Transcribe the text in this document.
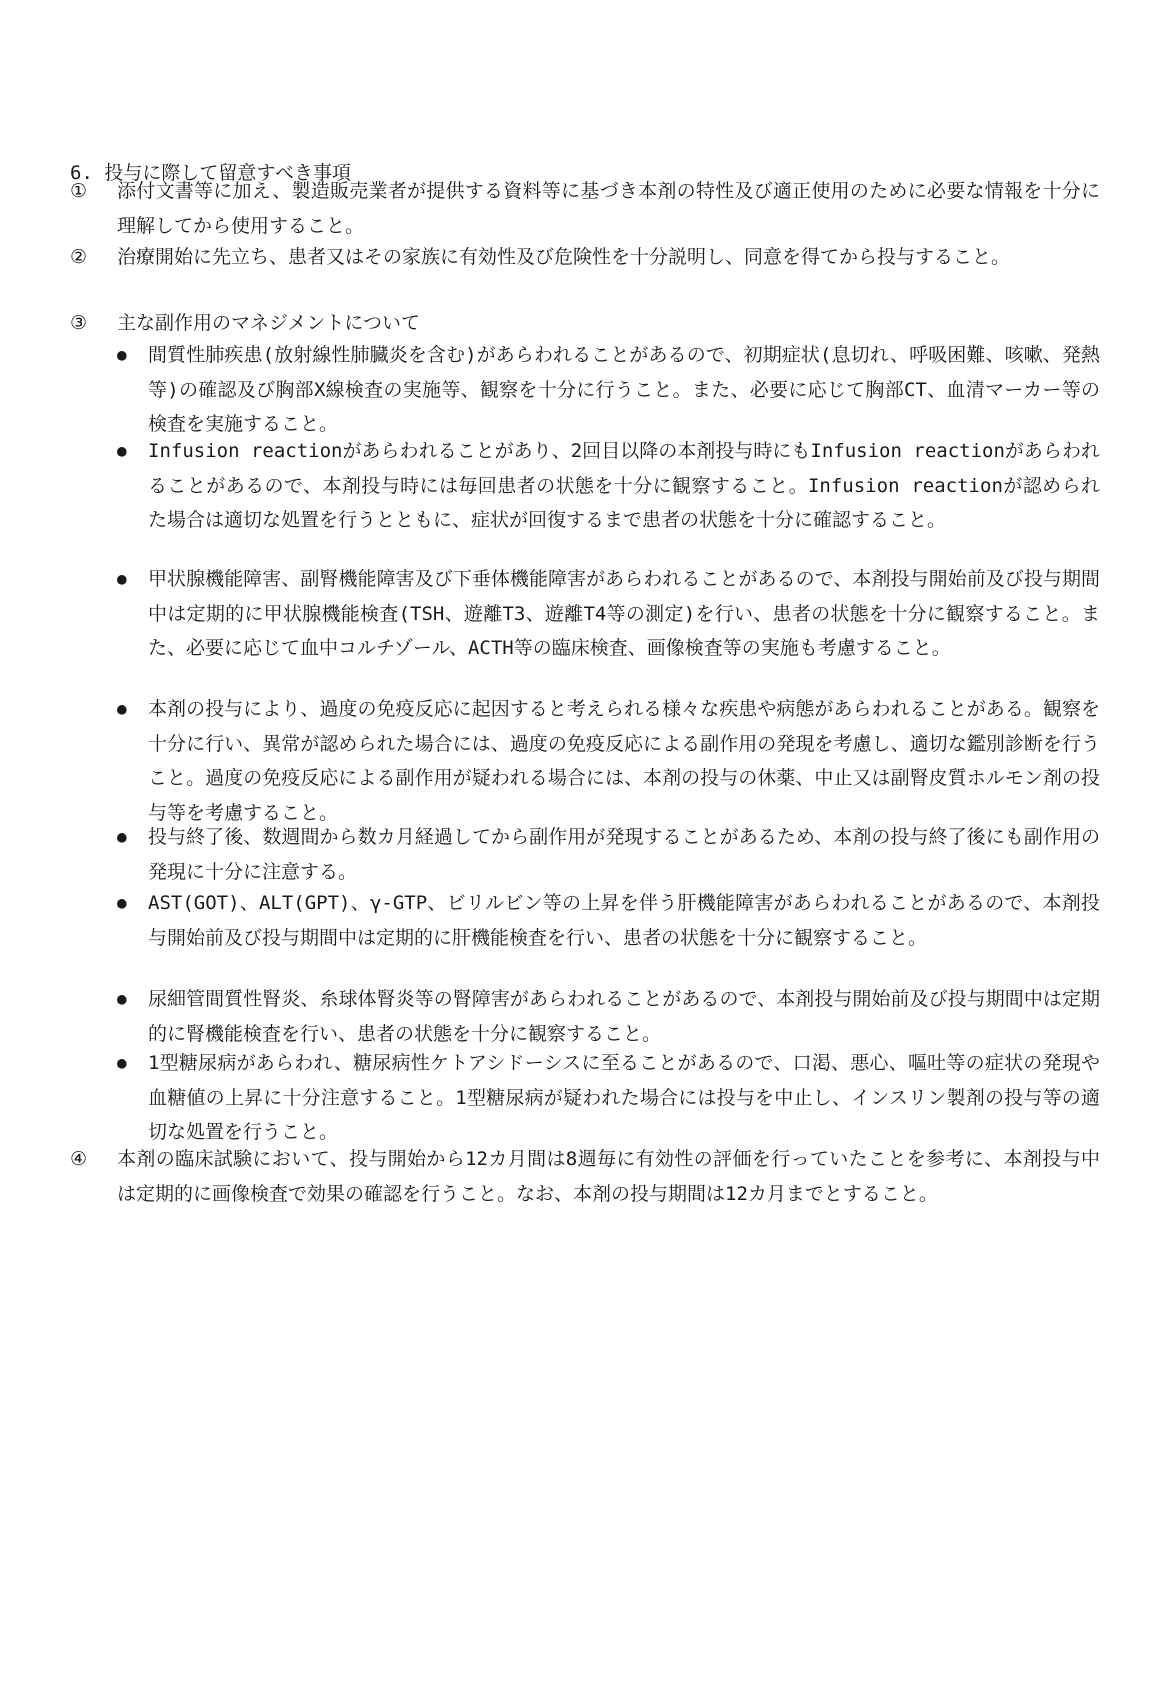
6. 投与に際して留意すべき事項
① 添付文書等に加え、製造販売業者が提供する資料等に基づき本剤の特性及び適正使用のために必要な情報を十分に理解してから使用すること。
② 治療開始に先立ち、患者又はその家族に有効性及び危険性を十分説明し、同意を得てから投与すること。
③ 主な副作用のマネジメントについて
● 間質性肺疾患(放射線性肺臓炎を含む)があらわれることがあるので、初期症状(息切れ、呼吸困難、咳嗽、発熱等)の確認及び胸部X線検査の実施等、観察を十分に行うこと。また、必要に応じて胸部CT、血清マーカー等の検査を実施すること。
● Infusion reactionがあらわれることがあり、2回目以降の本剤投与時にもInfusion reactionがあらわれることがあるので、本剤投与時には毎回患者の状態を十分に観察すること。Infusion reactionが認められた場合は適切な処置を行うとともに、症状が回復するまで患者の状態を十分に確認すること。
● 甲状腺機能障害、副腎機能障害及び下垂体機能障害があらわれることがあるので、本剤投与開始前及び投与期間中は定期的に甲状腺機能検査(TSH、遊離T3、遊離T4等の測定)を行い、患者の状態を十分に観察すること。また、必要に応じて血中コルチゾール、ACTH等の臨床検査、画像検査等の実施も考慮すること。
● 本剤の投与により、過度の免疫反応に起因すると考えられる様々な疾患や病態があらわれることがある。観察を十分に行い、異常が認められた場合には、過度の免疫反応による副作用の発現を考慮し、適切な鑑別診断を行うこと。過度の免疫反応による副作用が疑われる場合には、本剤の投与の休薬、中止又は副腎皮質ホルモン剤の投与等を考慮すること。
● 投与終了後、数週間から数カ月経過してから副作用が発現することがあるため、本剤の投与終了後にも副作用の発現に十分に注意する。
● AST(GOT)、ALT(GPT)、γ-GTP、ビリルビン等の上昇を伴う肝機能障害があらわれることがあるので、本剤投与開始前及び投与期間中は定期的に肝機能検査を行い、患者の状態を十分に観察すること。
● 尿細管間質性腎炎、糸球体腎炎等の腎障害があらわれることがあるので、本剤投与開始前及び投与期間中は定期的に腎機能検査を行い、患者の状態を十分に観察すること。
● 1型糖尿病があらわれ、糖尿病性ケトアシドーシスに至ることがあるので、口渇、悪心、嘔吐等の症状の発現や血糖値の上昇に十分注意すること。1型糖尿病が疑われた場合には投与を中止し、インスリン製剤の投与等の適切な処置を行うこと。
④ 本剤の臨床試験において、投与開始から12カ月間は8週毎に有効性の評価を行っていたことを参考に、本剤投与中は定期的に画像検査で効果の確認を行うこと。なお、本剤の投与期間は12カ月までとすること。
